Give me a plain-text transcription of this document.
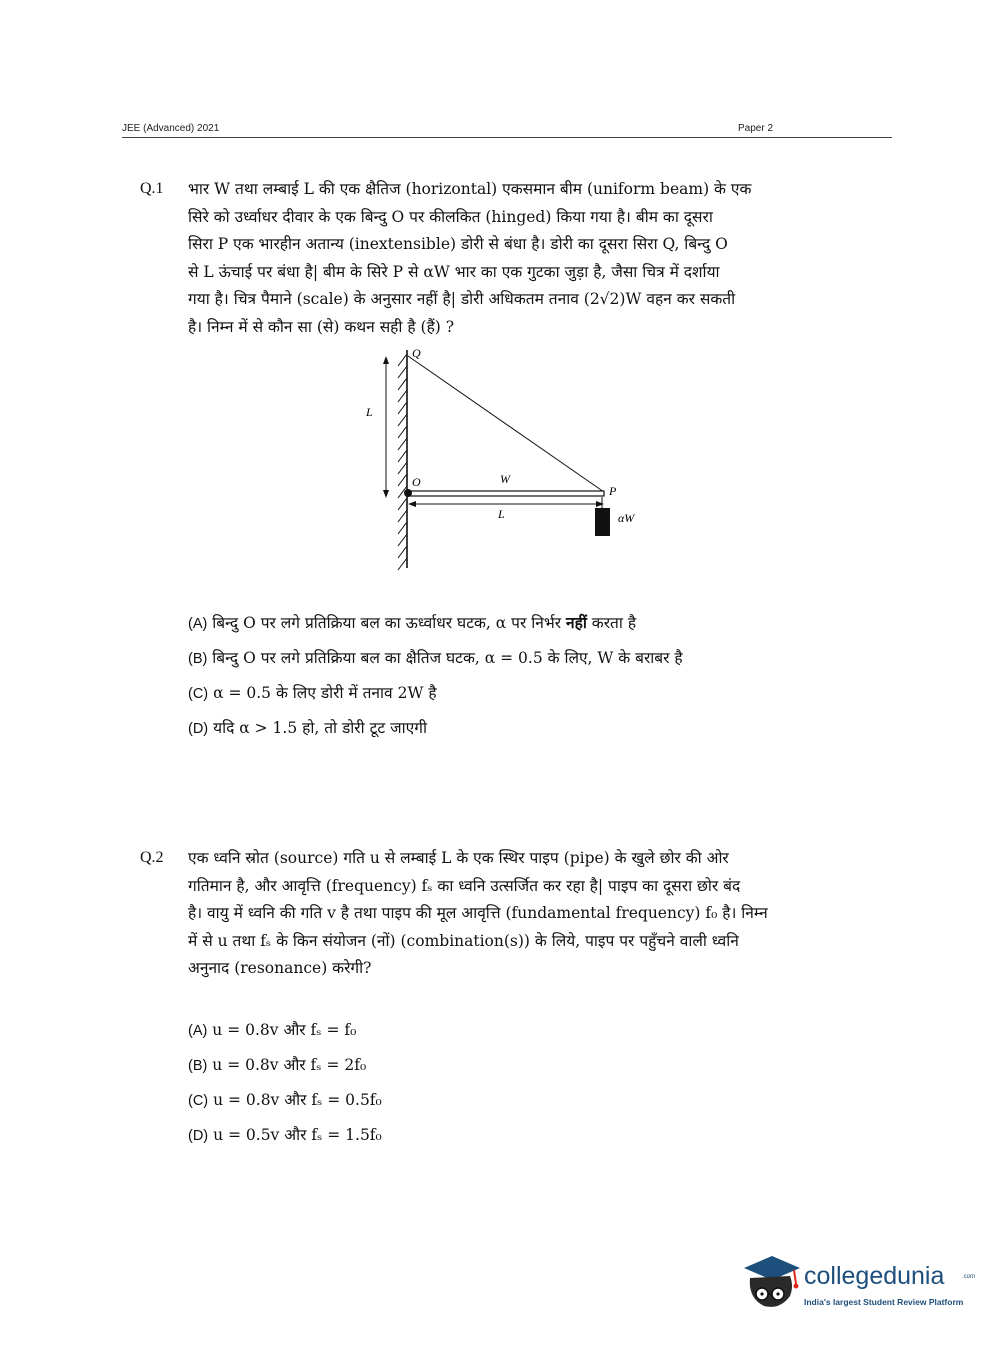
JEE (Advanced) 2021	Paper 2
Q.1 भार W तथा लम्बाई L की एक क्षैतिज (horizontal) एकसमान बीम (uniform beam) के एक
सिरे को उर्ध्वाधर दीवार के एक बिन्दु O पर कीलकित (hinged) किया गया है। बीम का दूसरा
सिरा P एक भारहीन अतान्य (inextensible) डोरी से बंधा है। डोरी का दूसरा सिरा Q, बिन्दु O
से L ऊंचाई पर बंधा है| बीम के सिरे P से αW भार का एक गुटका जुड़ा है, जैसा चित्र में दर्शाया
गया है। चित्र पैमाने (scale) के अनुसार नहीं है| डोरी अधिकतम तनाव (2√2)W वहन कर सकती
है। निम्न में से कौन सा (से) कथन सही है (हैं) ?
L
Q
O	W
P
L	αW
(A) बिन्दु O पर लगे प्रतिक्रिया बल का ऊर्ध्वाधर घटक, α पर निर्भर नहीं करता है
(B) बिन्दु O पर लगे प्रतिक्रिया बल का क्षैतिज घटक, α = 0.5 के लिए, W के बराबर है
(C) α = 0.5 के लिए डोरी में तनाव 2W है
(D) यदि α > 1.5 हो, तो डोरी टूट जाएगी
Q.2 एक ध्वनि स्रोत (source) गति u से लम्बाई L के एक स्थिर पाइप (pipe) के खुले छोर की ओर
गतिमान है, और आवृत्ति (frequency) fₛ का ध्वनि उत्सर्जित कर रहा है| पाइप का दूसरा छोर बंद
है। वायु में ध्वनि की गति v है तथा पाइप की मूल आवृत्ति (fundamental frequency) f₀ है। निम्न
में से u तथा fₛ के किन संयोजन (नों) (combination(s)) के लिये, पाइप पर पहुँचने वाली ध्वनि
अनुनाद (resonance) करेगी?
(A) u = 0.8v और fₛ = f₀
(B) u = 0.8v और fₛ = 2f₀
(C) u = 0.8v और fₛ = 0.5f₀
(D) u = 0.5v और fₛ = 1.5f₀
collegedunia	.com
India's largest Student Review Platform
